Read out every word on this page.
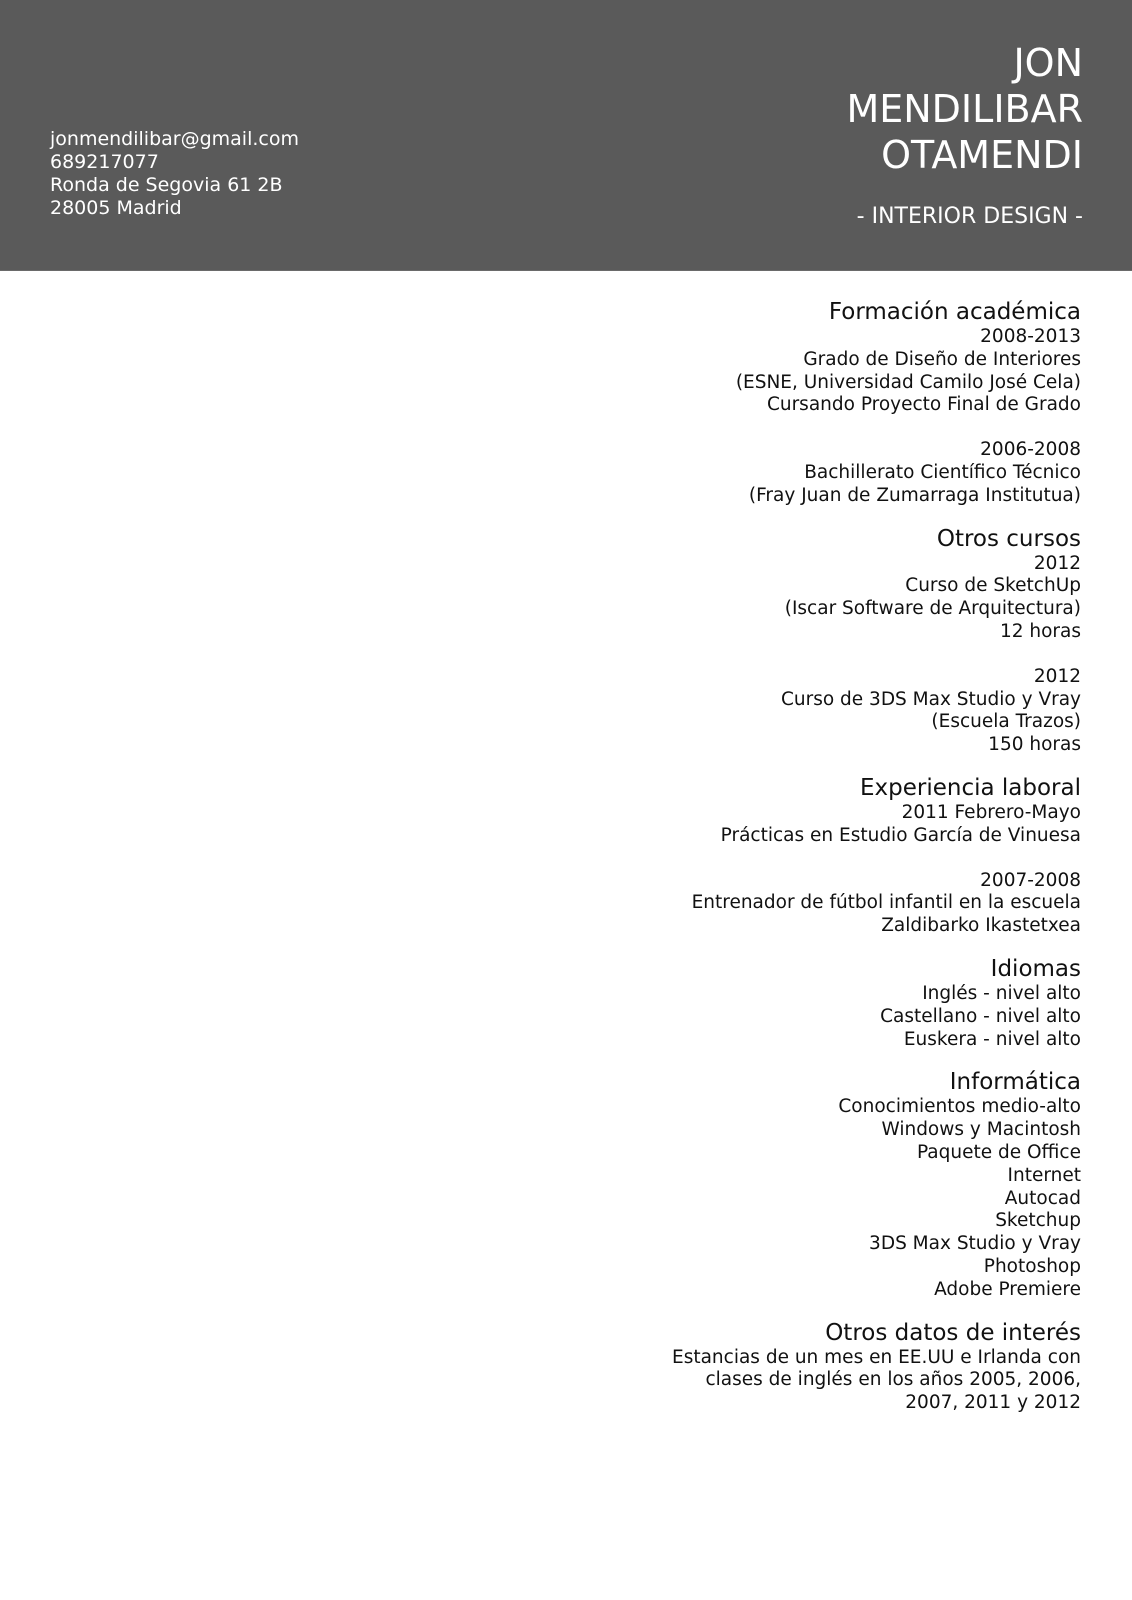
jonmendilibar@gmail.com
689217077
Ronda de Segovia 61 2B
28005 Madrid
JON
MENDILIBAR
OTAMENDI
- INTERIOR DESIGN -
Formación académica
2008-2013
Grado de Diseño de Interiores
(ESNE, Universidad Camilo José Cela)
Cursando Proyecto Final de Grado
2006-2008
Bachillerato Científico Técnico
(Fray Juan de Zumarraga Institutua)
Otros cursos
2012
Curso de SketchUp
(Iscar Software de Arquitectura)
12 horas
2012
Curso de 3DS Max Studio y Vray
(Escuela Trazos)
150 horas
Experiencia laboral
2011 Febrero-Mayo
Prácticas en Estudio García de Vinuesa
2007-2008
Entrenador de fútbol infantil en la escuela
Zaldibarko Ikastetxea
Idiomas
Inglés - nivel alto
Castellano - nivel alto
Euskera - nivel alto
Informática
Conocimientos medio-alto
Windows y Macintosh
Paquete de Office
Internet
Autocad
Sketchup
3DS Max Studio y Vray
Photoshop
Adobe Premiere
Otros datos de interés
Estancias de un mes en EE.UU e Irlanda con
clases de inglés en los años 2005, 2006,
2007, 2011 y 2012
